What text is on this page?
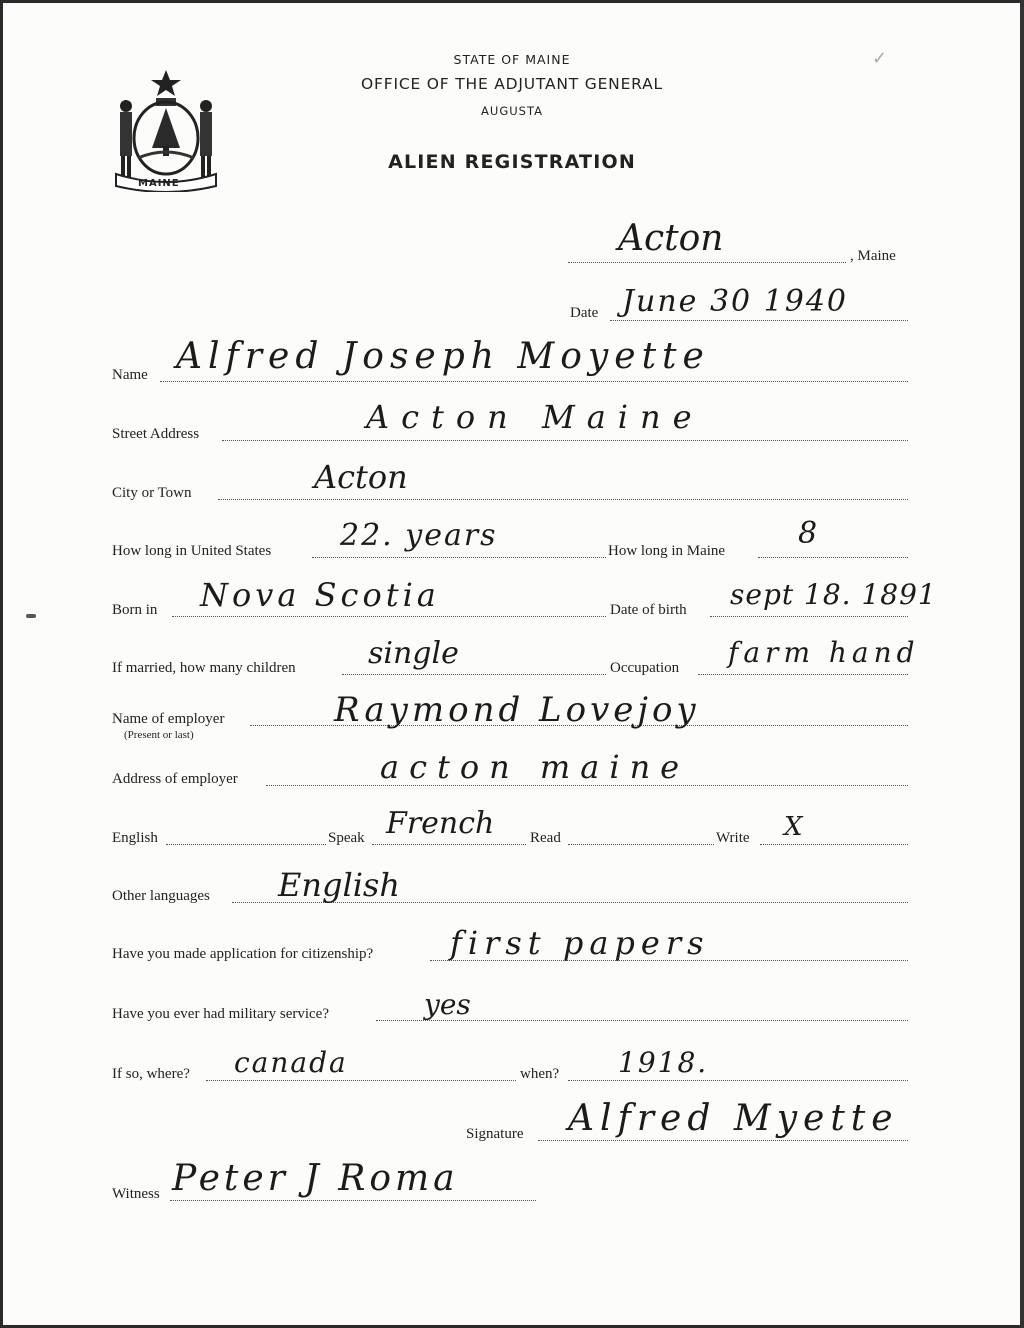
MAINE
✓
STATE OF MAINE
OFFICE OF THE ADJUTANT GENERAL
AUGUSTA
ALIEN REGISTRATION
Acton	, Maine
Date June 30 1940
Name Alfred Joseph Moyette
Street Address	Acton Maine
City or Town	Acton
How long in United States 22. years	How long in Maine 8
Born in Nova Scotia	Date of birth sept 18. 1891
If married, how many children single	Occupation farm hand
Name of employer
(Present or last)
Raymond Lovejoy
Address of employer	acton maine
English	Speak French Read	Write X
Other languages English
Have you made application for citizenship? first papers
Have you ever had military service?	yes
If so, where? canada	when? 1918.
Signature Alfred Myette
Witness Peter J Roma
